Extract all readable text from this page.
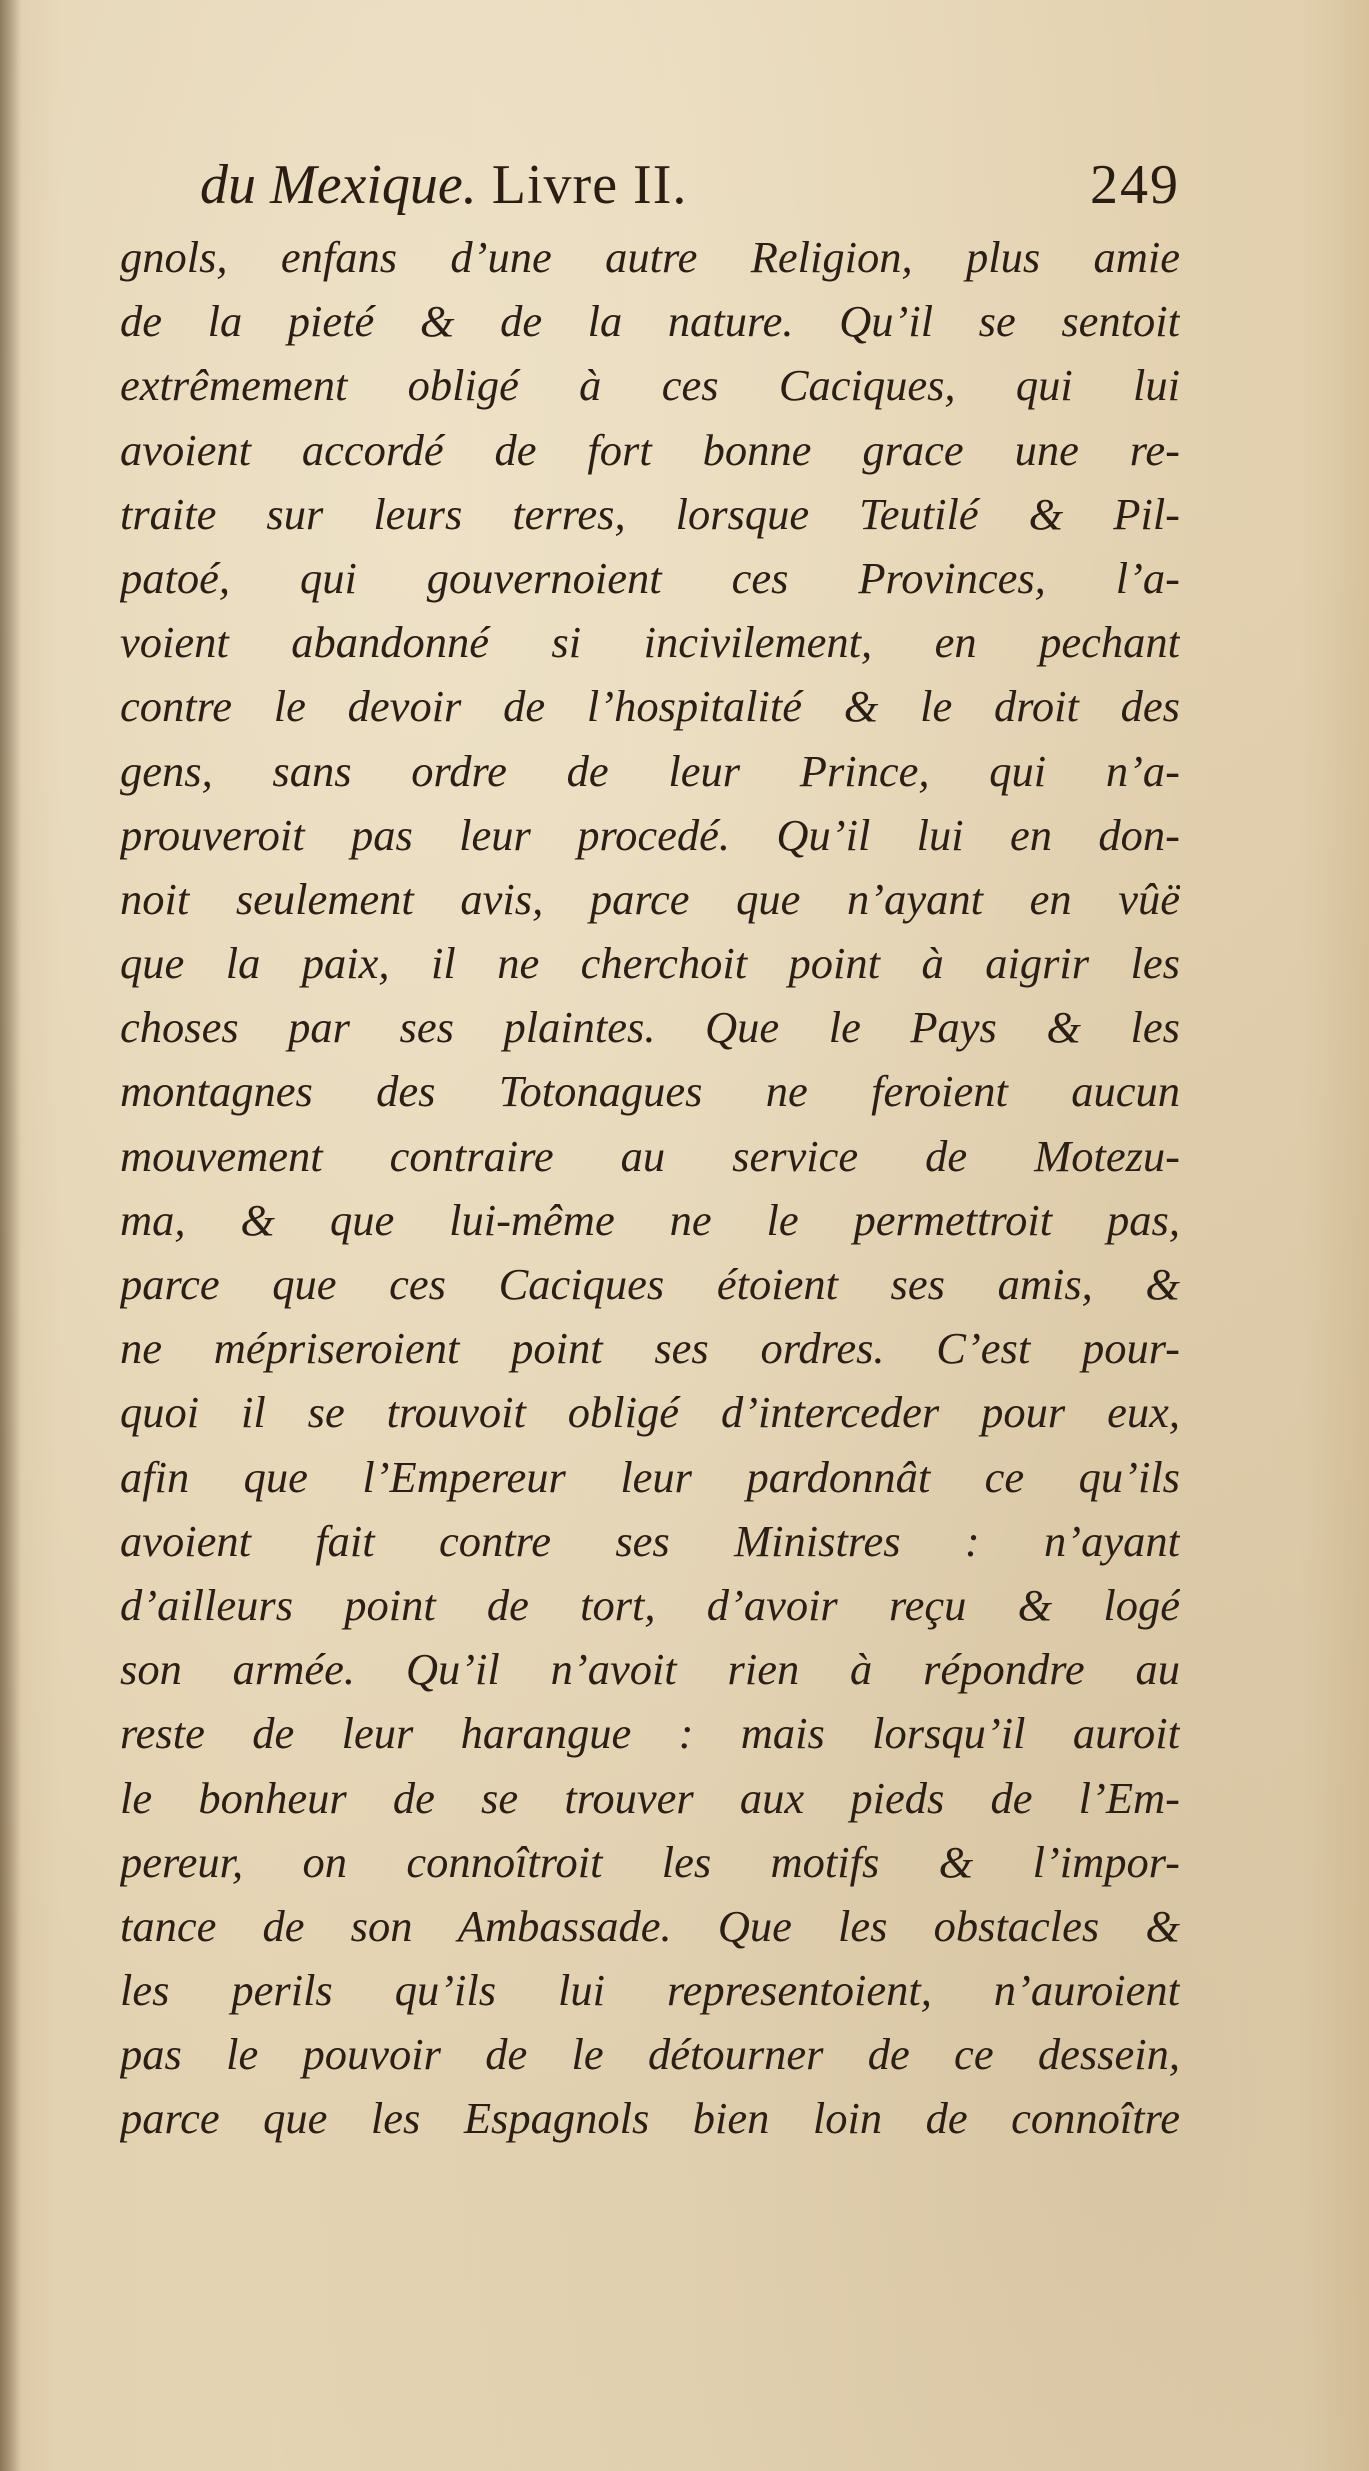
du Mexique. Livre II.	249
gnols, enfans d’une autre Religion, plus amie
de la pieté & de la nature. Qu’il se sentoit
extrêmement obligé à ces Caciques, qui lui
avoient accordé de fort bonne grace une re-
traite sur leurs terres, lorsque Teutilé & Pil-
patoé, qui gouvernoient ces Provinces, l’a-
voient abandonné si incivilement, en pechant
contre le devoir de l’hospitalité & le droit des
gens, sans ordre de leur Prince, qui n’a-
prouveroit pas leur procedé. Qu’il lui en don-
noit seulement avis, parce que n’ayant en vûë
que la paix, il ne cherchoit point à aigrir les
choses par ses plaintes. Que le Pays & les
montagnes des Totonagues ne feroient aucun
mouvement contraire au service de Motezu-
ma, & que lui-même ne le permettroit pas,
parce que ces Caciques étoient ses amis, &
ne mépriseroient point ses ordres. C’est pour-
quoi il se trouvoit obligé d’interceder pour eux,
afin que l’Empereur leur pardonnât ce qu’ils
avoient fait contre ses Ministres : n’ayant
d’ailleurs point de tort, d’avoir reçu & logé
son armée. Qu’il n’avoit rien à répondre au
reste de leur harangue : mais lorsqu’il auroit
le bonheur de se trouver aux pieds de l’Em-
pereur, on connoîtroit les motifs & l’impor-
tance de son Ambassade. Que les obstacles &
les perils qu’ils lui representoient, n’auroient
pas le pouvoir de le détourner de ce dessein,
parce que les Espagnols bien loin de connoître
